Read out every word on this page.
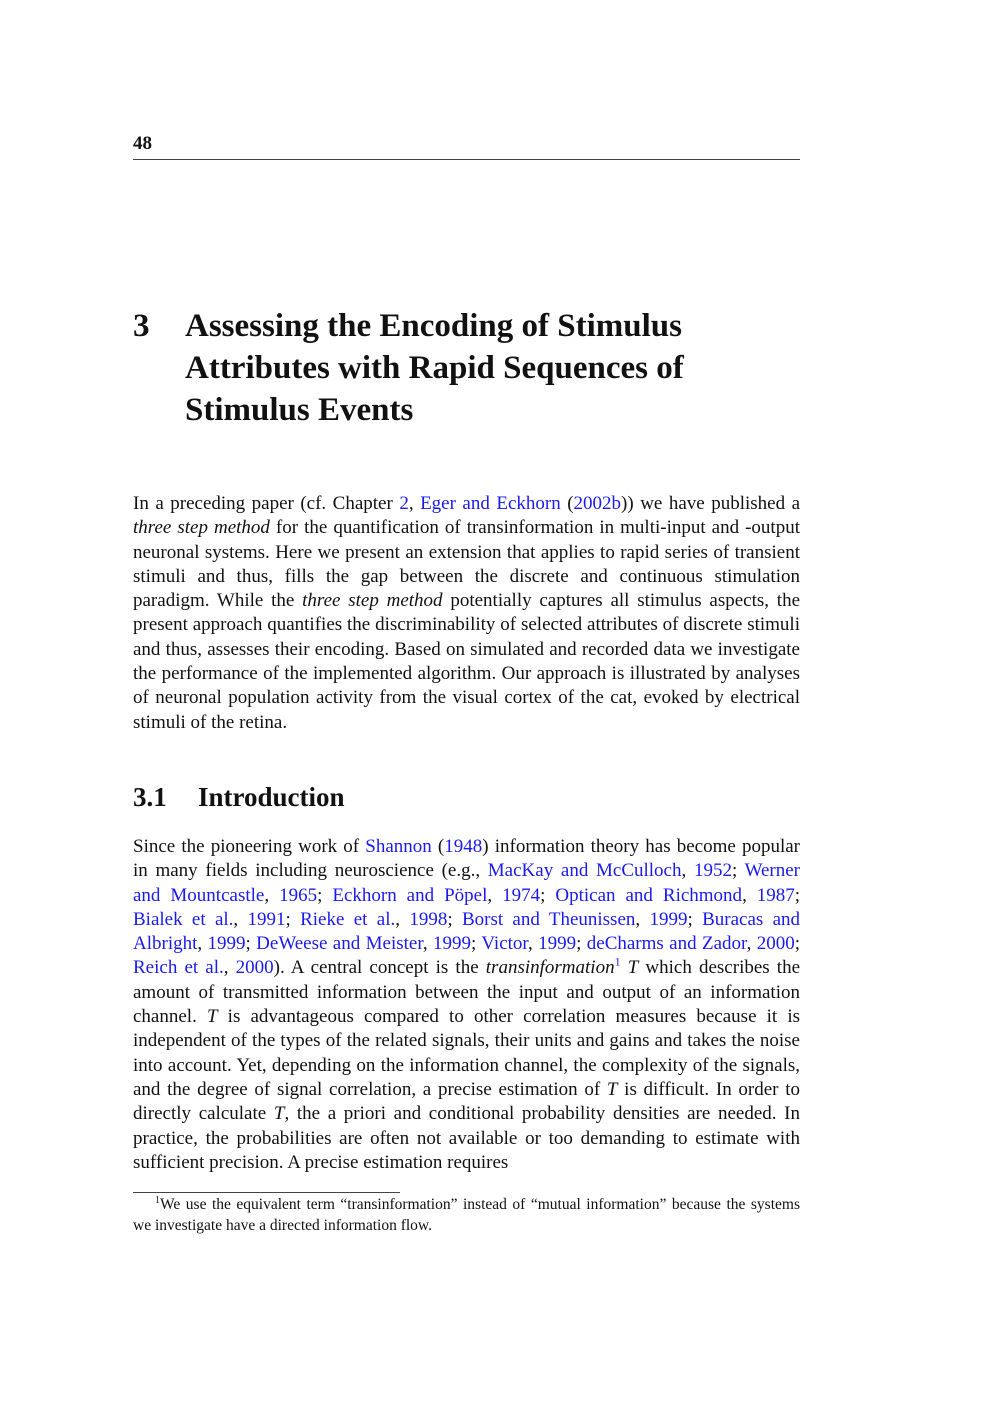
48
3	Assessing the Encoding of Stimulus Attributes with Rapid Sequences of Stimulus Events

In a preceding paper (cf. Chapter 2, Eger and Eckhorn (2002b)) we have published a three step method for the quantification of transinformation in multi-input and -output neuronal systems. Here we present an extension that applies to rapid series of transient stimuli and thus, fills the gap between the discrete and continuous stimulation paradigm. While the three step method potentially captures all stimulus aspects, the present approach quantifies the discriminability of selected attributes of discrete stimuli and thus, assesses their encoding. Based on simulated and recorded data we investigate the performance of the implemented algorithm. Our approach is illustrated by analyses of neuronal population activity from the visual cortex of the cat, evoked by electrical stimuli of the retina.

3.1	Introduction

Since the pioneering work of Shannon (1948) information theory has become popular in many fields including neuroscience (e.g., MacKay and McCulloch, 1952; Werner and Mountcastle, 1965; Eckhorn and Pöpel, 1974; Optican and Richmond, 1987; Bialek et al., 1991; Rieke et al., 1998; Borst and Theunissen, 1999; Buracas and Albright, 1999; DeWeese and Meister, 1999; Victor, 1999; deCharms and Zador, 2000; Reich et al., 2000). A central concept is the transinformation$^1$ T which describes the amount of transmitted information between the input and output of an information channel. T is advantageous compared to other correlation measures because it is independent of the types of the related signals, their units and gains and takes the noise into account. Yet, depending on the information channel, the complexity of the signals, and the degree of signal correlation, a precise estimation of T is difficult. In order to directly calculate T, the a priori and conditional probability densities are needed. In practice, the probabilities are often not available or too demanding to estimate with sufficient precision. A precise estimation requires

$^1$We use the equivalent term “transinformation” instead of “mutual information” because the systems we investigate have a directed information flow.
